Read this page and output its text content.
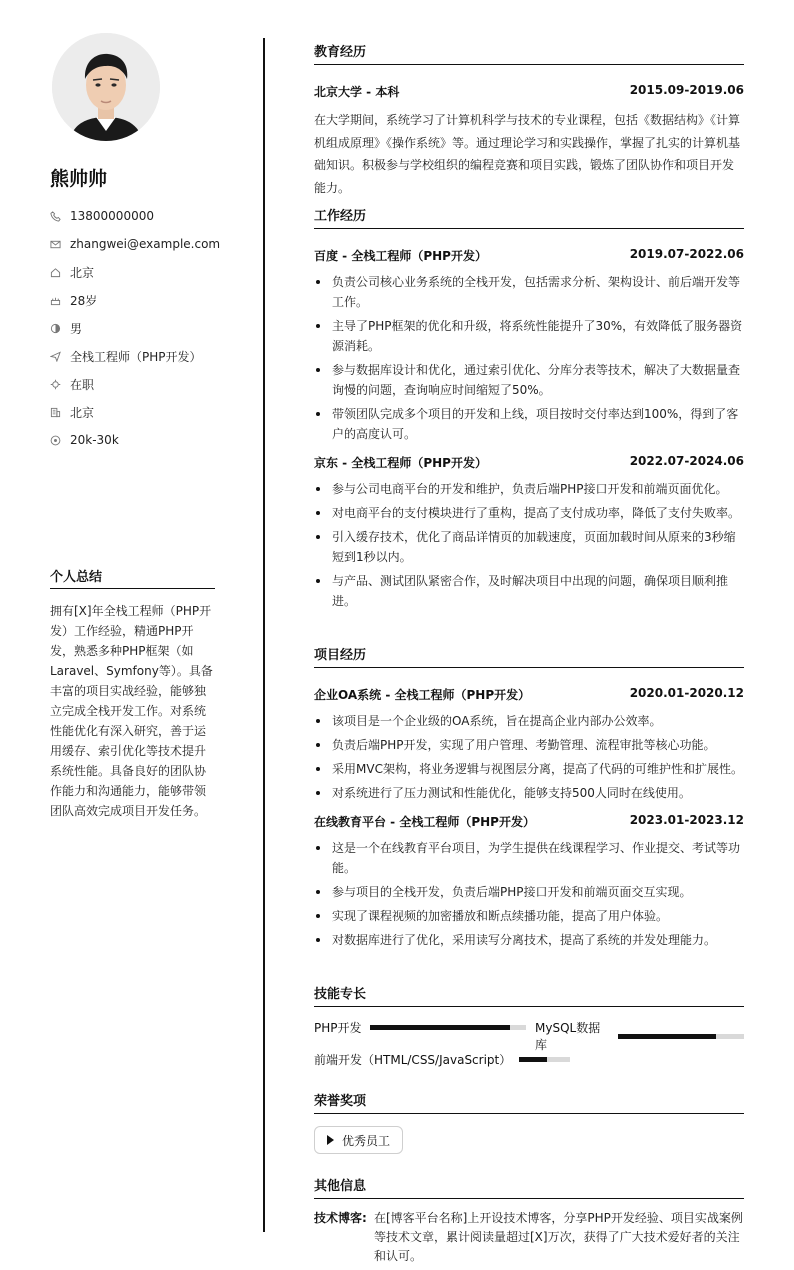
熊帅帅
13800000000
zhangwei@example.com
北京
28岁
男
全栈工程师（PHP开发）
在职
北京
20k-30k
个人总结
拥有[X]年全栈工程师（PHP开发）工作经验，精通PHP开发，熟悉多种PHP框架（如Laravel、Symfony等）。具备丰富的项目实战经验，能够独立完成全栈开发工作。对系统性能优化有深入研究，善于运用缓存、索引优化等技术提升系统性能。具备良好的团队协作能力和沟通能力，能够带领团队高效完成项目开发任务。
教育经历
北京大学 - 本科	2015.09-2019.06
在大学期间，系统学习了计算机科学与技术的专业课程，包括《数据结构》《计算机组成原理》《操作系统》等。通过理论学习和实践操作，掌握了扎实的计算机基础知识。积极参与学校组织的编程竞赛和项目实践，锻炼了团队协作和项目开发能力。
工作经历
百度 - 全栈工程师（PHP开发）	2019.07-2022.06
负责公司核心业务系统的全栈开发，包括需求分析、架构设计、前后端开发等工作。
主导了PHP框架的优化和升级，将系统性能提升了30%，有效降低了服务器资源消耗。
参与数据库设计和优化，通过索引优化、分库分表等技术，解决了大数据量查询慢的问题，查询响应时间缩短了50%。
带领团队完成多个项目的开发和上线，项目按时交付率达到100%，得到了客户的高度认可。
京东 - 全栈工程师（PHP开发）	2022.07-2024.06
参与公司电商平台的开发和维护，负责后端PHP接口开发和前端页面优化。
对电商平台的支付模块进行了重构，提高了支付成功率，降低了支付失败率。
引入缓存技术，优化了商品详情页的加载速度，页面加载时间从原来的3秒缩短到1秒以内。
与产品、测试团队紧密合作，及时解决项目中出现的问题，确保项目顺利推进。
项目经历
企业OA系统 - 全栈工程师（PHP开发）	2020.01-2020.12
该项目是一个企业级的OA系统，旨在提高企业内部办公效率。
负责后端PHP开发，实现了用户管理、考勤管理、流程审批等核心功能。
采用MVC架构，将业务逻辑与视图层分离，提高了代码的可维护性和扩展性。
对系统进行了压力测试和性能优化，能够支持500人同时在线使用。
在线教育平台 - 全栈工程师（PHP开发）	2023.01-2023.12
这是一个在线教育平台项目，为学生提供在线课程学习、作业提交、考试等功能。
参与项目的全栈开发，负责后端PHP接口开发和前端页面交互实现。
实现了课程视频的加密播放和断点续播功能，提高了用户体验。
对数据库进行了优化，采用读写分离技术，提高了系统的并发处理能力。
技能专长
PHP开发	MySQL数据库
前端开发（HTML/CSS/JavaScript）
荣誉奖项
优秀员工
其他信息
技术博客: 在[博客平台名称]上开设技术博客，分享PHP开发经验、项目实战案例等技术文章，累计阅读量超过[X]万次，获得了广大技术爱好者的关注和认可。
